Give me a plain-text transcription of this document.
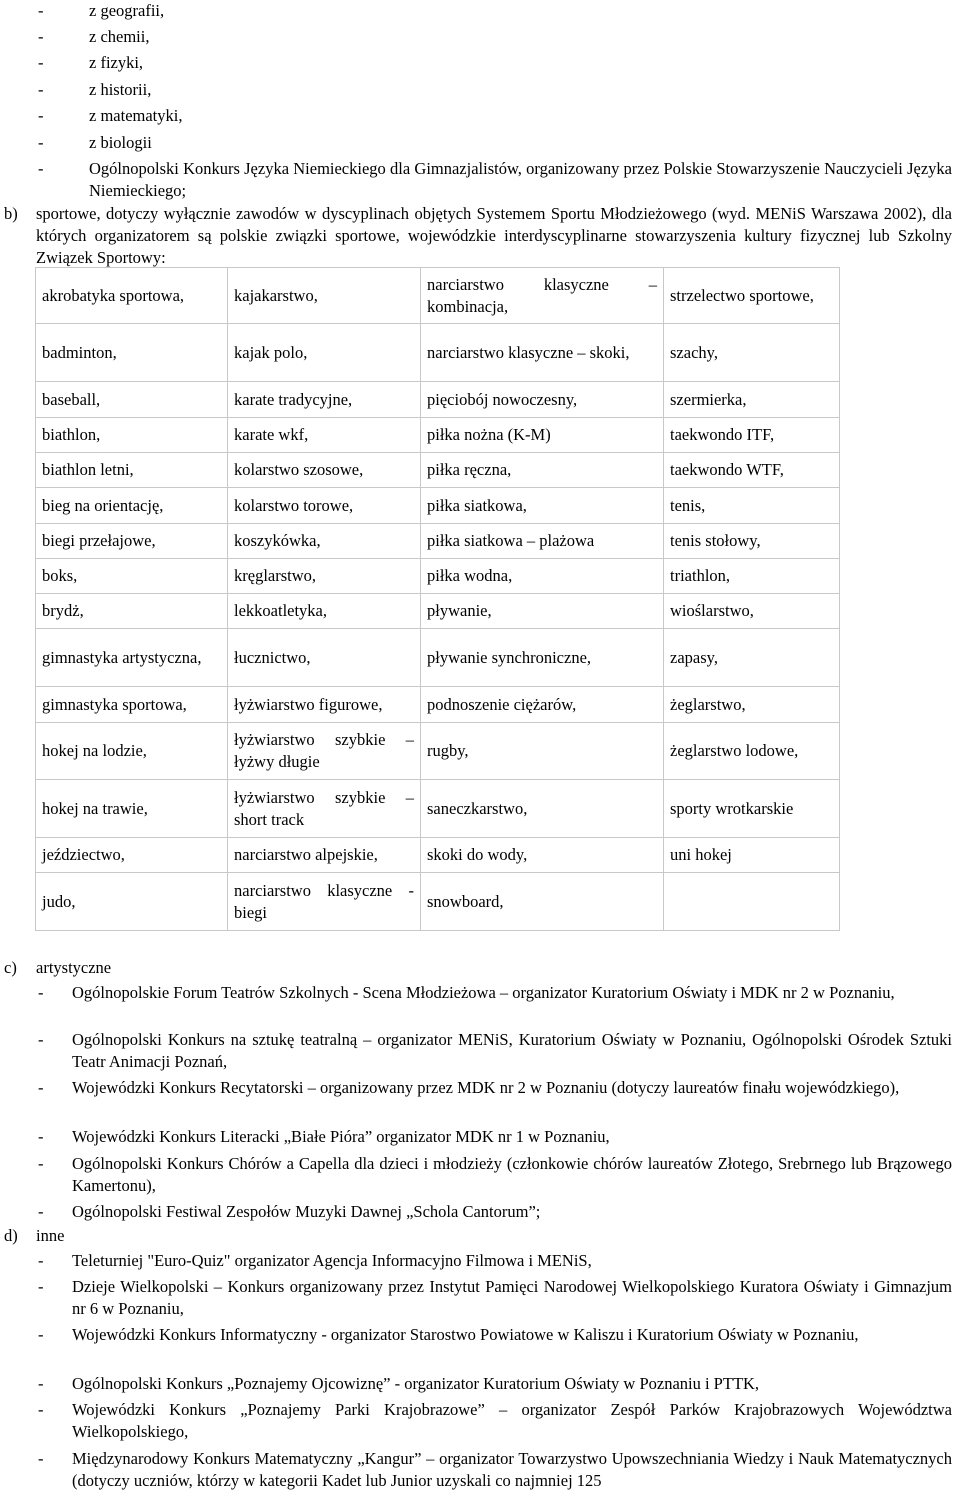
-	z geografii,
-	z chemii,
-	z fizyki,
-	z historii,
-	z matematyki,
-	z biologii
-	Ogólnopolski Konkurs Języka Niemieckiego dla Gimnazjalistów, organizowany przez Polskie Stowarzyszenie Nauczycieli Języka Niemieckiego;
b) sportowe, dotyczy wyłącznie zawodów w dyscyplinach objętych Systemem Sportu Młodzieżowego (wyd. MENiS Warszawa 2002), dla których organizatorem są polskie związki sportowe, wojewódzkie interdyscyplinarne stowarzyszenia kultury fizycznej lub Szkolny Związek Sportowy:
akrobatyka sportowa,	kajakarstwo,	narciarstwo klasyczne – kombinacja,	strzelectwo sportowe,
badminton,	kajak polo,	narciarstwo klasyczne – skoki,	szachy,
baseball,	karate tradycyjne,	pięciobój nowoczesny,	szermierka,
biathlon,	karate wkf,	piłka nożna (K-M)	taekwondo ITF,
biathlon letni,	kolarstwo szosowe,	piłka ręczna,	taekwondo WTF,
bieg na orientację,	kolarstwo torowe,	piłka siatkowa,	tenis,
biegi przełajowe,	koszykówka,	piłka siatkowa – plażowa	tenis stołowy,
boks,	kręglarstwo,	piłka wodna,	triathlon,
brydż,	lekkoatletyka,	pływanie,	wioślarstwo,
gimnastyka artystyczna,	łucznictwo,	pływanie synchroniczne,	zapasy,
gimnastyka sportowa,	łyżwiarstwo figurowe,	podnoszenie ciężarów,	żeglarstwo,
hokej na lodzie,	łyżwiarstwo szybkie – łyżwy długie	rugby,	żeglarstwo lodowe,
hokej na trawie,	łyżwiarstwo szybkie – short track	saneczkarstwo,	sporty wrotkarskie
jeździectwo,	narciarstwo alpejskie,	skoki do wody,	uni hokej
judo,	narciarstwo klasyczne - biegi	snowboard,	
c) artystyczne
- Ogólnopolskie Forum Teatrów Szkolnych - Scena Młodzieżowa – organizator Kuratorium Oświaty i MDK nr 2 w Poznaniu,
- Ogólnopolski Konkurs na sztukę teatralną – organizator MENiS, Kuratorium Oświaty w Poznaniu, Ogólnopolski Ośrodek Sztuki Teatr Animacji Poznań,
- Wojewódzki Konkurs Recytatorski – organizowany przez MDK nr 2 w Poznaniu (dotyczy laureatów finału wojewódzkiego),
- Wojewódzki Konkurs Literacki „Białe Pióra” organizator MDK nr 1 w Poznaniu,
- Ogólnopolski Konkurs Chórów a Capella dla dzieci i młodzieży (członkowie chórów laureatów Złotego, Srebrnego lub Brązowego Kamertonu),
- Ogólnopolski Festiwal Zespołów Muzyki Dawnej „Schola Cantorum”;
d) inne
- Teleturniej "Euro-Quiz" organizator Agencja Informacyjno Filmowa i MENiS,
- Dzieje Wielkopolski – Konkurs organizowany przez Instytut Pamięci Narodowej Wielkopolskiego Kuratora Oświaty i Gimnazjum nr 6 w Poznaniu,
- Wojewódzki Konkurs Informatyczny - organizator Starostwo Powiatowe w Kaliszu i Kuratorium Oświaty w Poznaniu,
- Ogólnopolski Konkurs „Poznajemy Ojcowiznę” - organizator Kuratorium Oświaty w Poznaniu i PTTK,
- Wojewódzki Konkurs „Poznajemy Parki Krajobrazowe” – organizator Zespół Parków Krajobrazowych Województwa Wielkopolskiego,
- Międzynarodowy Konkurs Matematyczny „Kangur” – organizator Towarzystwo Upowszechniania Wiedzy i Nauk Matematycznych (dotyczy uczniów, którzy w kategorii Kadet lub Junior uzyskali co najmniej 125
